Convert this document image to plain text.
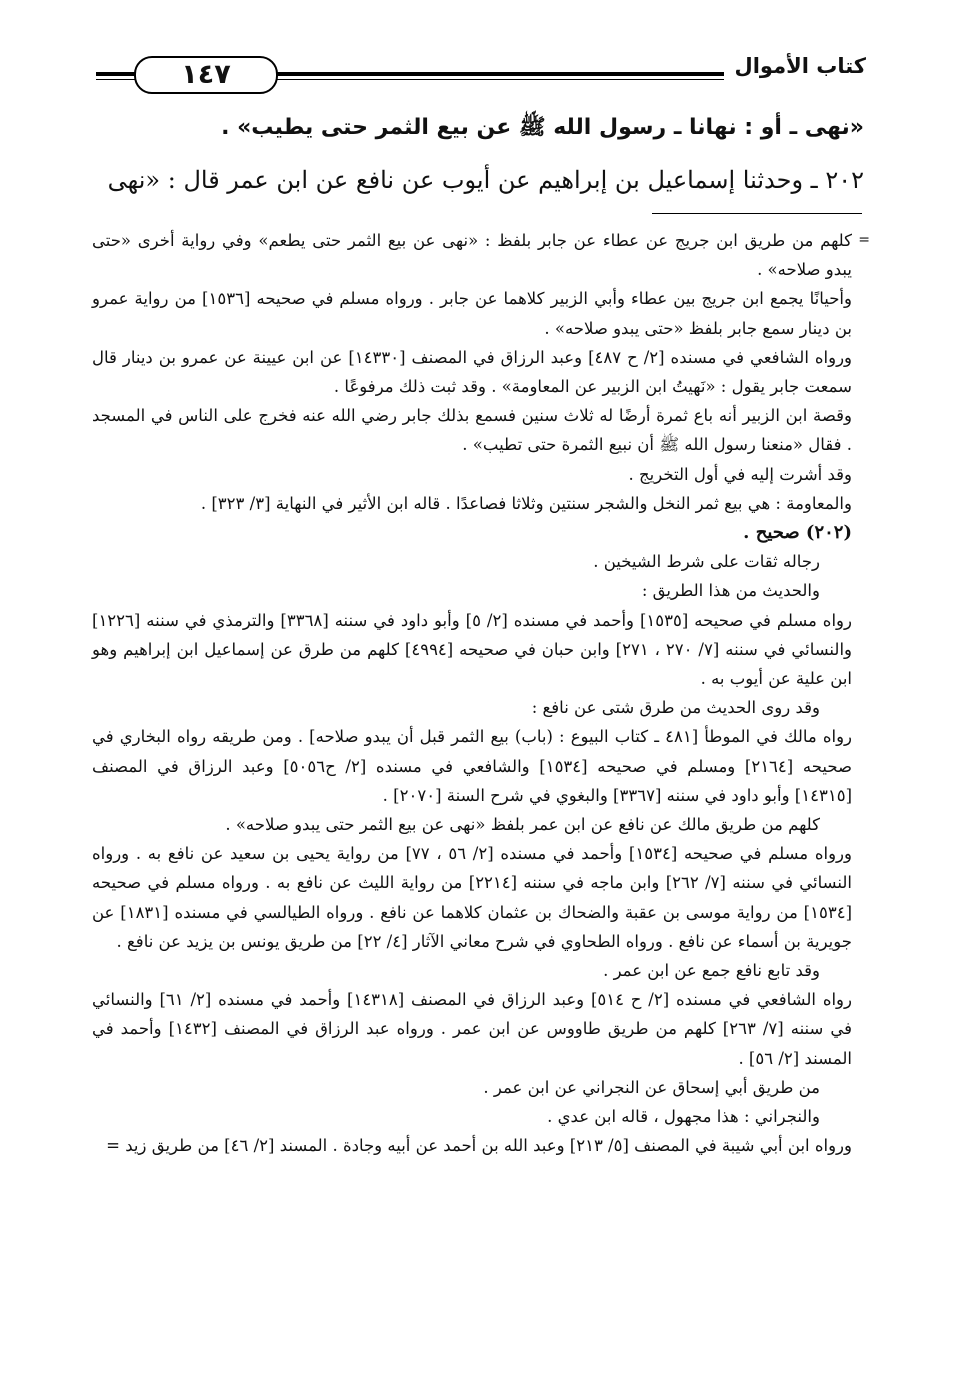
١٤٧	كتاب الأموال
«نهى ـ أو : نهانا ـ رسول الله ﷺ عن بيع الثمر حتى يطيب» .
٢٠٢ ـ وحدثنا إسماعيل بن إبراهيم عن أيوب عن نافع عن ابن عمر قال : «نهى
=

كلهم من طريق ابن جريج عن عطاء عن جابر بلفظ : «نهى عن بيع الثمر حتى يطعم» وفي رواية أخرى «حتى يبدو صلاحه» .

وأحيانًا يجمع ابن جريج بين عطاء وأبي الزبير كلاهما عن جابر . ورواه مسلم في صحيحه [١٥٣٦] من رواية عمرو بن دينار سمع جابر بلفظ «حتى يبدو صلاحه» .

ورواه الشافعي في مسنده [٢/ ح ٤٨٧] وعبد الرزاق في المصنف [١٤٣٣٠] عن ابن عيينة عن عمرو بن دينار قال سمعت جابر يقول : «نَهيتُ ابن الزبير عن المعاومة» . وقد ثبت ذلك مرفوعًا .

وقصة ابن الزبير أنه باع ثمرة أرضًا له ثلاث سنين فسمع بذلك جابر رضي الله عنه فخرج على الناس في المسجد . فقال «منعنا رسول الله ﷺ أن نبيع الثمرة حتى تطيب» .

وقد أشرت إليه في أول التخريج .

والمعاومة : هي بيع ثمر النخل والشجر سنتين وثلاثا فصاعدًا . قاله ابن الأثير في النهاية [٣/ ٣٢٣] .

(٢٠٢) صحيح .

رجاله ثقات على شرط الشيخين .

والحديث من هذا الطريق :

رواه مسلم في صحيحه [١٥٣٥] وأحمد في مسنده [٢/ ٥] وأبو داود في سننه [٣٣٦٨] والترمذي في سننه [١٢٢٦] والنسائي في سننه [٧/ ٢٧٠ ، ٢٧١] وابن حبان في صحيحه [٤٩٩٤] كلهم من طرق عن إسماعيل ابن إبراهيم وهو ابن علية عن أيوب به .

وقد روى الحديث من طرق شتى عن نافع :

رواه مالك في الموطأ [٤٨١ ـ كتاب البيوع : (باب) بيع الثمر قبل أن يبدو صلاحه] . ومن طريقه رواه البخاري في صحيحه [٢١٦٤] ومسلم في صحيحه [١٥٣٤] والشافعي في مسنده [٢/ ح٥٠٥٦] وعبد الرزاق في المصنف [١٤٣١٥] وأبو داود في سننه [٣٣٦٧] والبغوي في شرح السنة [٢٠٧٠] .

كلهم من طريق مالك عن نافع عن ابن عمر بلفظ «نهى عن بيع الثمر حتى يبدو صلاحه» .

ورواه مسلم في صحيحه [١٥٣٤] وأحمد في مسنده [٢/ ٥٦ ، ٧٧] من رواية يحيى بن سعيد عن نافع به . ورواه النسائي في سننه [٧/ ٢٦٢] وابن ماجه في سننه [٢٢١٤] من رواية الليث عن نافع به . ورواه مسلم في صحيحه [١٥٣٤] من رواية موسى بن عقبة والضحاك بن عثمان كلاهما عن نافع . ورواه الطيالسي في مسنده [١٨٣١] عن جويرية بن أسماء عن نافع . ورواه الطحاوي في شرح معاني الآثار [٤/ ٢٢] من طريق يونس بن يزيد عن نافع .

وقد تابع نافع جمع عن ابن عمر .

رواه الشافعي في مسنده [٢/ ح ٥١٤] وعبد الرزاق في المصنف [١٤٣١٨] وأحمد في مسنده [٢/ ٦١] والنسائي في سننه [٧/ ٢٦٣] كلهم من طريق طاووس عن ابن عمر . ورواه عبد الرزاق في المصنف [١٤٣٢] وأحمد في المسند [٢/ ٥٦] .

من طريق أبي إسحاق عن النجراني عن ابن عمر .

والنجراني : هذا مجهول ، قاله ابن عدي .

ورواه ابن أبي شيبة في المصنف [٥/ ٢١٣] وعبد الله بن أحمد عن أبيه وجادة . المسند [٢/ ٤٦] من طريق زيد =
